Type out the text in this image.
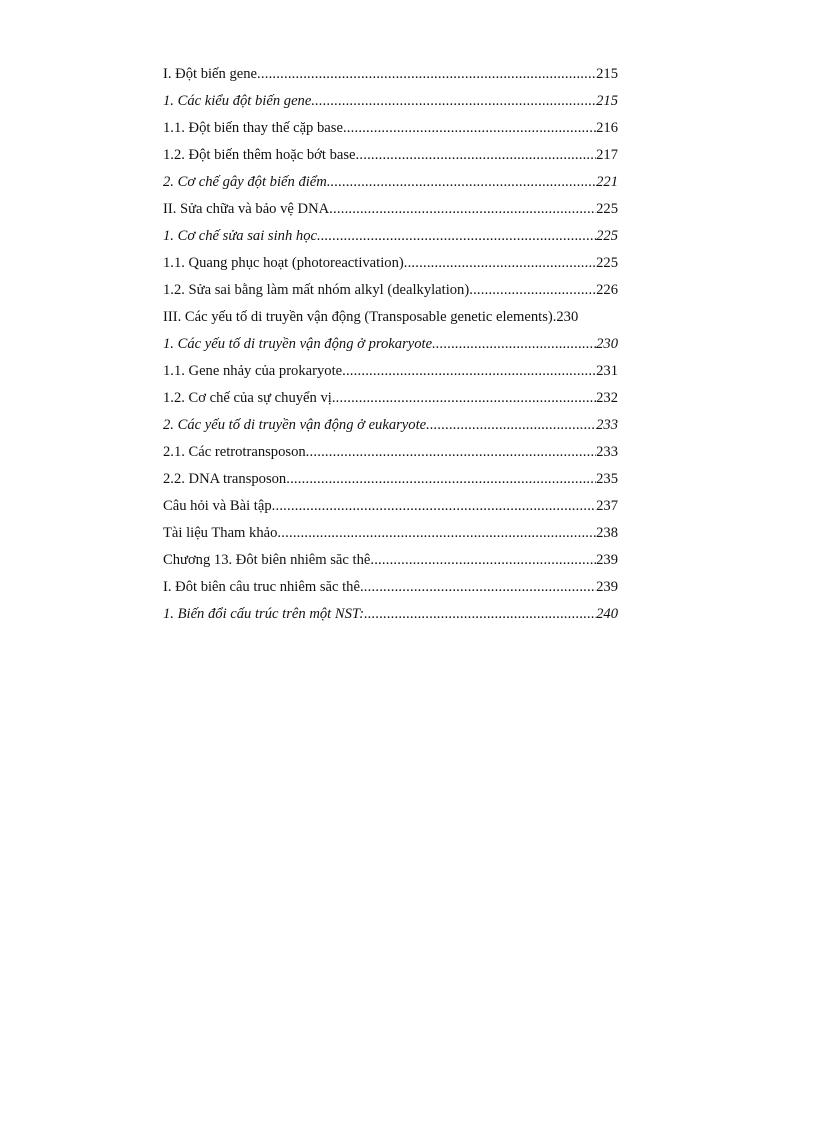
I. Đột biến gene .....	215
1. Các kiểu đột biến gene .....	215
1.1. Đột biến thay thế cặp base .....	216
1.2. Đột biến thêm hoặc bớt base .....	217
2. Cơ chế gây đột biến điểm .....	221
II. Sửa chữa và bảo vệ DNA .....	225
1. Cơ chế sửa sai sinh học .....	225
1.1. Quang phục hoạt (photoreactivation) .....	225
1.2. Sửa sai bằng làm mất nhóm alkyl (dealkylation) .....	226
III. Các yếu tố di truyền vận động (Transposable genetic elements) .230
1. Các yếu tố di truyền vận động ở prokaryote .....	230
1.1. Gene nhảy của prokaryote .....	231
1.2. Cơ chế của sự chuyển vị .....	232
2. Các yếu tố di truyền vận động ở eukaryote .....	233
2.1. Các retrotransposon .....	233
2.2. DNA transposon .....	235
Câu hỏi và Bài tập .....	237
Tài liệu Tham khảo .....	238
Chương 13. Đôt biên nhiêm săc thê .....	239
I. Đôt biên câu truc nhiêm săc thê .....	239
1. Biến đổi cấu trúc trên một NST: .....	240
